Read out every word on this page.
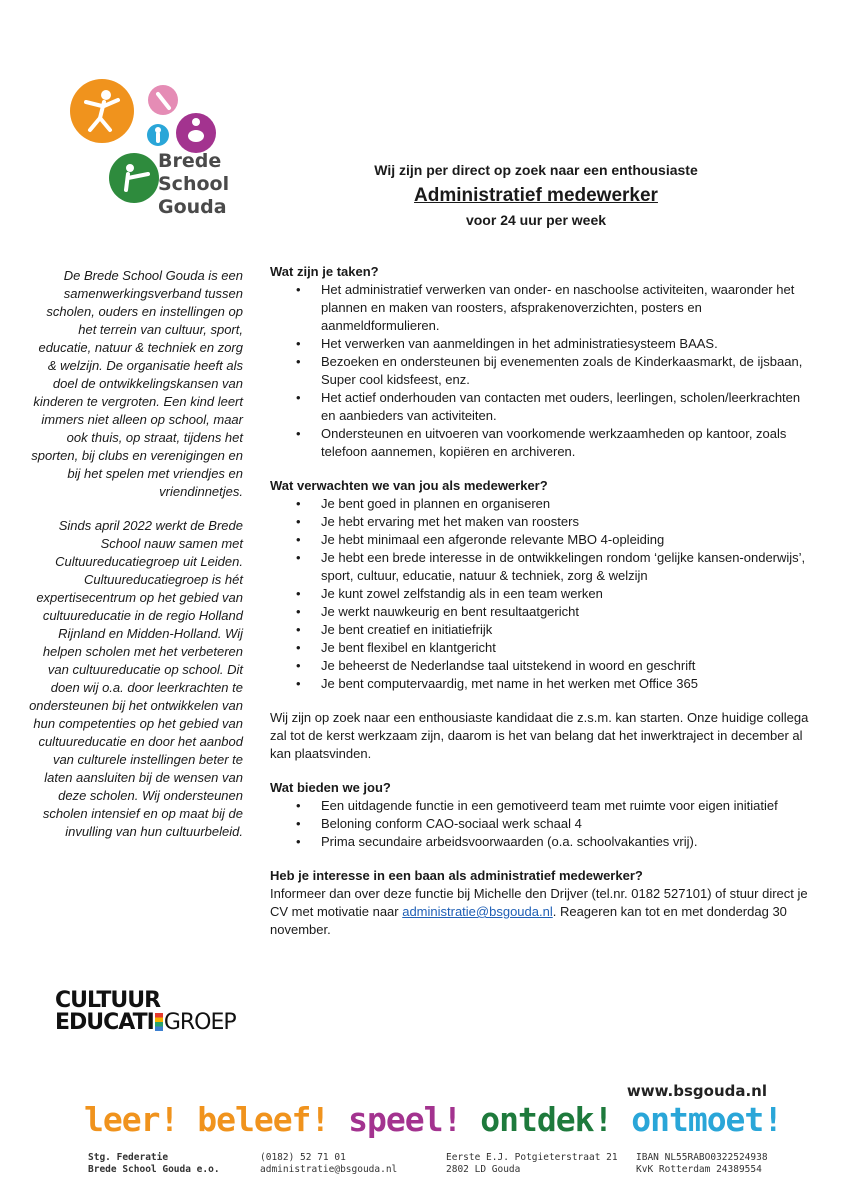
Brede
School
Gouda
Wij zijn per direct op zoek naar een enthousiaste
Administratief medewerker
voor 24 uur per week

De Brede School Gouda is een samenwerkingsverband tussen scholen, ouders en instellingen op het terrein van cultuur, sport, educatie, natuur & techniek en zorg & welzijn. De organisatie heeft als doel de ontwikkelingskansen van kinderen te vergroten. Een kind leert immers niet alleen op school, maar ook thuis, op straat, tijdens het sporten, bij clubs en verenigingen en bij het spelen met vriendjes en vriendinnetjes.

Sinds april 2022 werkt de Brede School nauw samen met Cultuureducatiegroep uit Leiden. Cultuureducatiegroep is hét expertisecentrum op het gebied van cultuureducatie in de regio Holland Rijnland en Midden-Holland. Wij helpen scholen met het verbeteren van cultuureducatie op school. Dit doen wij o.a. door leerkrachten te ondersteunen bij het ontwikkelen van hun competenties op het gebied van cultuureducatie en door het aanbod van culturele instellingen beter te laten aansluiten bij de wensen van deze scholen. Wij ondersteunen scholen intensief en op maat bij de invulling van hun cultuurbeleid.

Wat zijn je taken?
• Het administratief verwerken van onder- en naschoolse activiteiten, waaronder het plannen en maken van roosters, afsprakenoverzichten, posters en aanmeldformulieren.
• Het verwerken van aanmeldingen in het administratiesysteem BAAS.
• Bezoeken en ondersteunen bij evenementen zoals de Kinderkaasmarkt, de ijsbaan, Super cool kidsfeest, enz.
• Het actief onderhouden van contacten met ouders, leerlingen, scholen/leerkrachten en aanbieders van activiteiten.
• Ondersteunen en uitvoeren van voorkomende werkzaamheden op kantoor, zoals telefoon aannemen, kopiëren en archiveren.
Wat verwachten we van jou als medewerker?
• Je bent goed in plannen en organiseren
• Je hebt ervaring met het maken van roosters
• Je hebt minimaal een afgeronde relevante MBO 4-opleiding
• Je hebt een brede interesse in de ontwikkelingen rondom ‘gelijke kansen-onderwijs’, sport, cultuur, educatie, natuur & techniek, zorg & welzijn
• Je kunt zowel zelfstandig als in een team werken
• Je werkt nauwkeurig en bent resultaatgericht
• Je bent creatief en initiatiefrijk
• Je bent flexibel en klantgericht
• Je beheerst de Nederlandse taal uitstekend in woord en geschrift
• Je bent computervaardig, met name in het werken met Office 365

Wij zijn op zoek naar een enthousiaste kandidaat die z.s.m. kan starten. Onze huidige collega zal tot de kerst werkzaam zijn, daarom is het van belang dat het inwerktraject in december al kan plaatsvinden.

Wat bieden we jou?
• Een uitdagende functie in een gemotiveerd team met ruimte voor eigen initiatief
• Beloning conform CAO-sociaal werk schaal 4
• Prima secundaire arbeidsvoorwaarden (o.a. schoolvakanties vrij).
Heb je interesse in een baan als administratief medewerker?

Informeer dan over deze functie bij Michelle den Drijver (tel.nr. 0182 527101) of stuur direct je CV met motivatie naar administratie@bsgouda.nl. Reageren kan tot en met donderdag 30 november.

CULTUUR
EDUCATI GROEP
www.bsgouda.nl
leer! beleef! speel! ontdek! ontmoet!
Stg. Federatie
Brede School Gouda e.o.
(0182) 52 71 01
administratie@bsgouda.nl
Eerste E.J. Potgieterstraat 21
2802 LD Gouda
IBAN NL55RABO0322524938
KvK Rotterdam 24389554
